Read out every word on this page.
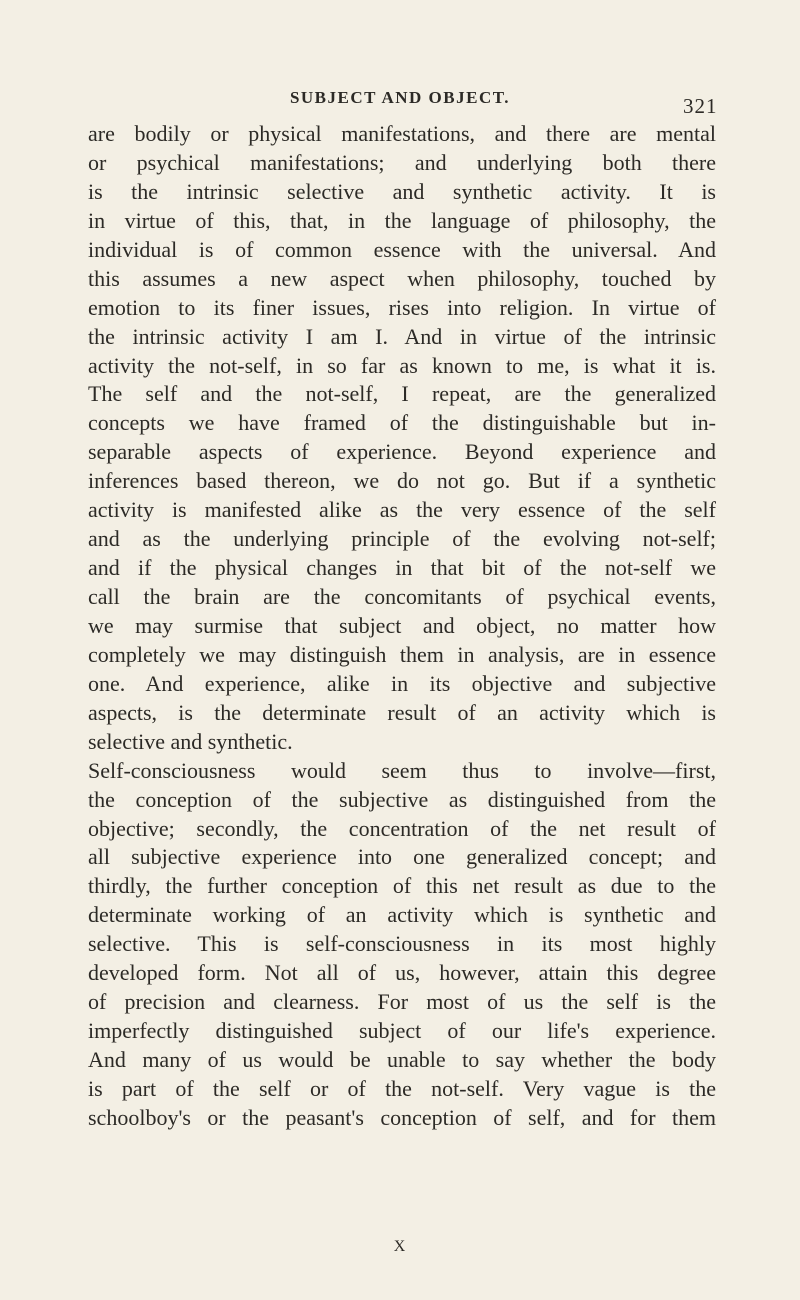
SUBJECT AND OBJECT.	321
are bodily or physical manifestations, and there are mental
or psychical manifestations; and underlying both there
is the intrinsic selective and synthetic activity. It is
in virtue of this, that, in the language of philosophy, the
individual is of common essence with the universal. And
this assumes a new aspect when philosophy, touched by
emotion to its finer issues, rises into religion. In virtue of
the intrinsic activity I am I. And in virtue of the intrinsic
activity the not-self, in so far as known to me, is what it is.
The self and the not-self, I repeat, are the generalized
concepts we have framed of the distinguishable but in-
separable aspects of experience. Beyond experience and
inferences based thereon, we do not go. But if a synthetic
activity is manifested alike as the very essence of the self
and as the underlying principle of the evolving not-self;
and if the physical changes in that bit of the not-self we
call the brain are the concomitants of psychical events,
we may surmise that subject and object, no matter how
completely we may distinguish them in analysis, are in essence
one. And experience, alike in its objective and subjective
aspects, is the determinate result of an activity which is
selective and synthetic.
Self-consciousness would seem thus to involve—first,
the conception of the subjective as distinguished from the
objective; secondly, the concentration of the net result of
all subjective experience into one generalized concept; and
thirdly, the further conception of this net result as due to the
determinate working of an activity which is synthetic and
selective. This is self-consciousness in its most highly
developed form. Not all of us, however, attain this degree
of precision and clearness. For most of us the self is the
imperfectly distinguished subject of our life's experience.
And many of us would be unable to say whether the body
is part of the self or of the not-self. Very vague is the
schoolboy's or the peasant's conception of self, and for them
X
